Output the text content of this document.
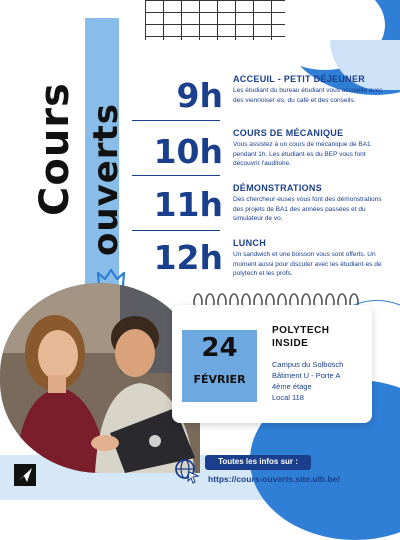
Cours ouverts
9h ACCEUIL - PETIT DÉJEUNER
Les étudiant du bureau étudiant vous accueille avec des viennoiser·es, du café et des conseils.
10h COURS DE MÉCANIQUE
Vous assistez à un cours de mécanique de BA1 pendant 1h. Les étudiant·es du BEP vous font découvrir l'auditoire.
11h DÉMONSTRATIONS
Des chercheur·euses vous font des démonstrations des projets de BA1 des années passées et du simulateur de vo.
12h LUNCH
Un sandwich et une boisson vous sont offerts. Un moment aussi pour discuter avec les étudiant·es de polytech et les profs.
24
FÉVRIER
POLYTECH
INSIDE
Campus du Solbosch
Bâtiment U - Porte A
4ème étage
Local 118
Toutes les infos sur :
https://cours-ouverts.site.ulb.be/
